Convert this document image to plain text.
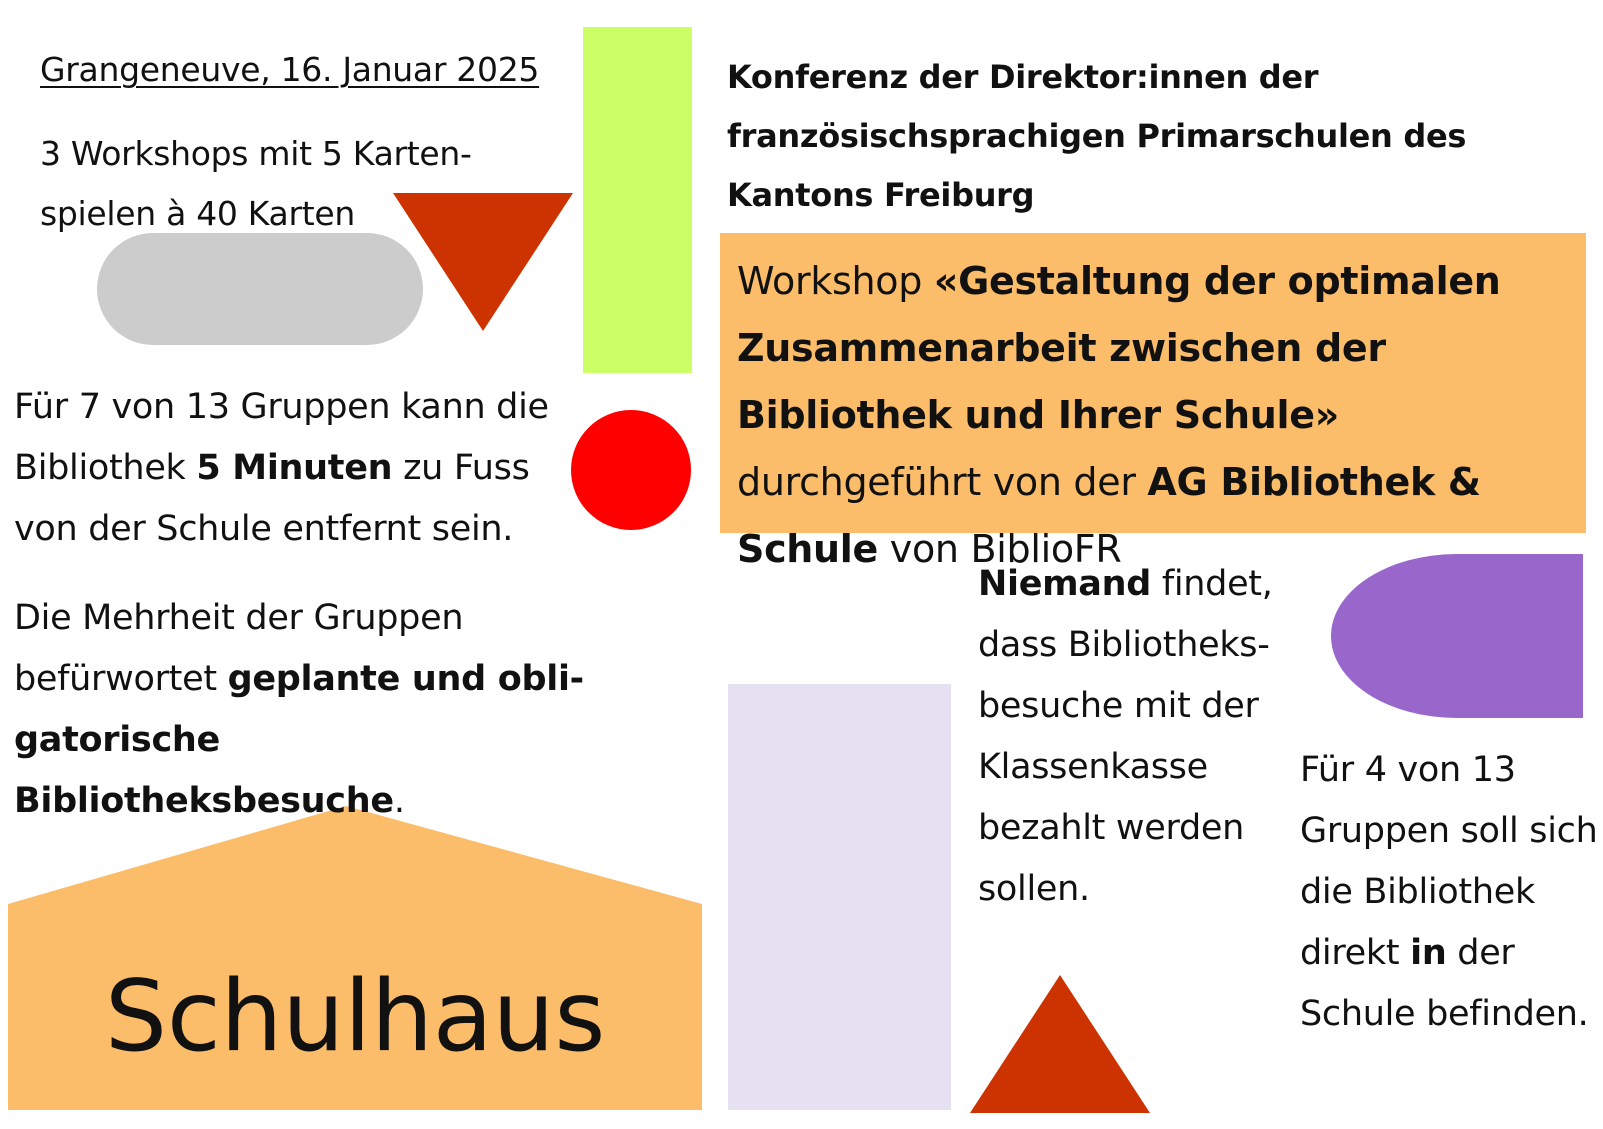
Grangeneuve, 16. Januar 2025
3 Workshops mit 5 Karten-spielen à 40 Karten
Konferenz der Direktor:innen der französischsprachigen Primarschulen des Kantons Freiburg
Workshop «Gestaltung der optimalen Zusammenarbeit zwischen der Bibliothek und Ihrer Schule» durchgeführt von der AG Bibliothek & Schule von BiblioFR
Für 7 von 13 Gruppen kann die Bibliothek 5 Minuten zu Fuss von der Schule entfernt sein.
Die Mehrheit der Gruppen befürwortet geplante und obli-gatorische Bibliotheksbesuche.
Schulhaus
Niemand findet, dass Bibliotheks-besuche mit der Klassenkasse bezahlt werden sollen.
Für 4 von 13 Gruppen soll sich die Bibliothek direkt in der Schule befinden.
